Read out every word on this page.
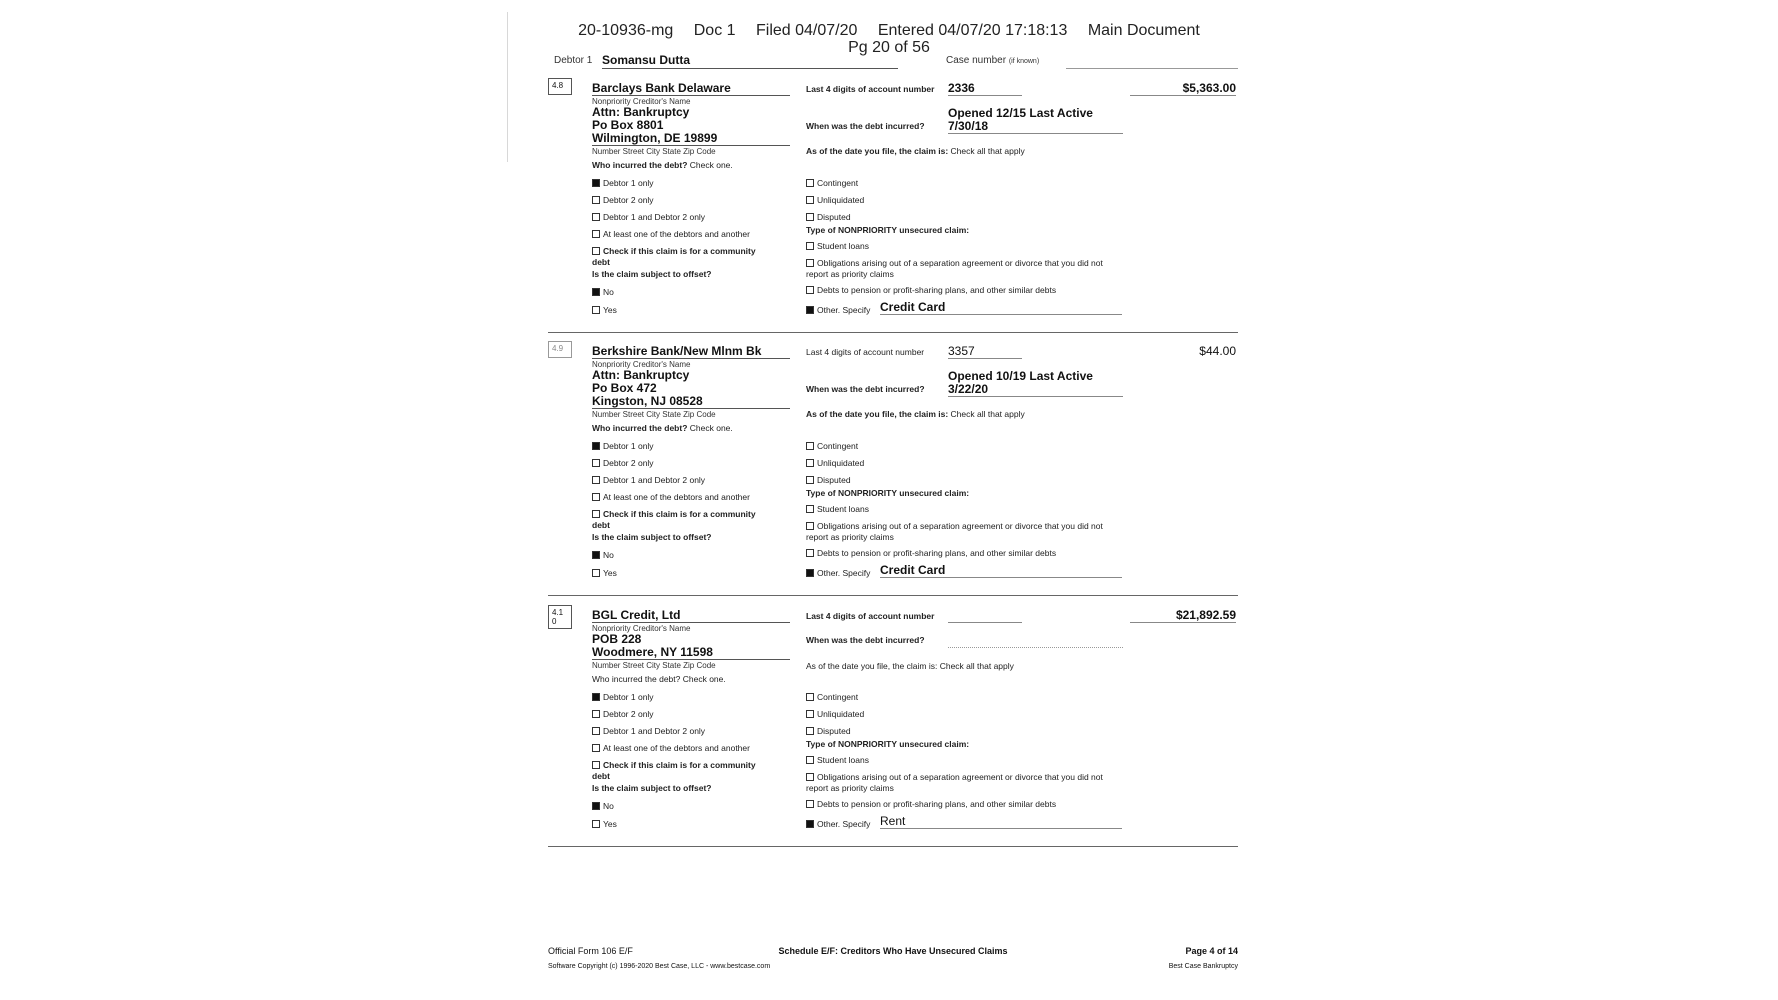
20-10936-mg Doc 1 Filed 04/07/20 Entered 04/07/20 17:18:13 Main Document
Pg 20 of 56
Debtor 1 Somansu Dutta	Case number (if known)
4.8	Barclays Bank Delaware
Nonpriority Creditor's Name
Attn: Bankruptcy
Po Box 8801
Wilmington, DE 19899
Number Street City State Zip Code
Who incurred the debt? Check one.
Debtor 1 only
Debtor 2 only
Debtor 1 and Debtor 2 only
At least one of the debtors and another
Check if this claim is for a community
debt
Is the claim subject to offset?
No
Yes
Last 4 digits of account number 2336	$5,363.00
Opened 12/15 Last Active
When was the debt incurred? 7/30/18
As of the date you file, the claim is: Check all that apply
Contingent
Unliquidated
Disputed
Type of NONPRIORITY unsecured claim:
Student loans
Obligations arising out of a separation agreement or divorce that you did not
report as priority claims
Debts to pension or profit-sharing plans, and other similar debts
Other. Specify Credit Card
4.9	Berkshire Bank/New Mlnm Bk
Nonpriority Creditor's Name
Attn: Bankruptcy
Po Box 472
Kingston, NJ 08528
Number Street City State Zip Code
Who incurred the debt? Check one.
Debtor 1 only
Debtor 2 only
Debtor 1 and Debtor 2 only
At least one of the debtors and another
Check if this claim is for a community
debt
Is the claim subject to offset?
No
Yes
Last 4 digits of account number 3357	$44.00
Opened 10/19 Last Active
When was the debt incurred? 3/22/20
As of the date you file, the claim is: Check all that apply
Contingent
Unliquidated
Disputed
Type of NONPRIORITY unsecured claim:
Student loans
Obligations arising out of a separation agreement or divorce that you did not
report as priority claims
Debts to pension or profit-sharing plans, and other similar debts
Other. Specify Credit Card
4.1
0	BGL Credit, Ltd
Nonpriority Creditor's Name
POB 228
Woodmere, NY 11598
Number Street City State Zip Code
Who incurred the debt? Check one.
Debtor 1 only
Debtor 2 only
Debtor 1 and Debtor 2 only
At least one of the debtors and another
Check if this claim is for a community
debt
Is the claim subject to offset?
No
Yes
Last 4 digits of account number	$21,892.59
When was the debt incurred?
As of the date you file, the claim is: Check all that apply
Contingent
Unliquidated
Disputed
Type of NONPRIORITY unsecured claim:
Student loans
Obligations arising out of a separation agreement or divorce that you did not
report as priority claims
Debts to pension or profit-sharing plans, and other similar debts
Other. Specify Rent
Official Form 106 E/F	Schedule E/F: Creditors Who Have Unsecured Claims	Page 4 of 14
Software Copyright (c) 1996-2020 Best Case, LLC - www.bestcase.com	Best Case Bankruptcy
